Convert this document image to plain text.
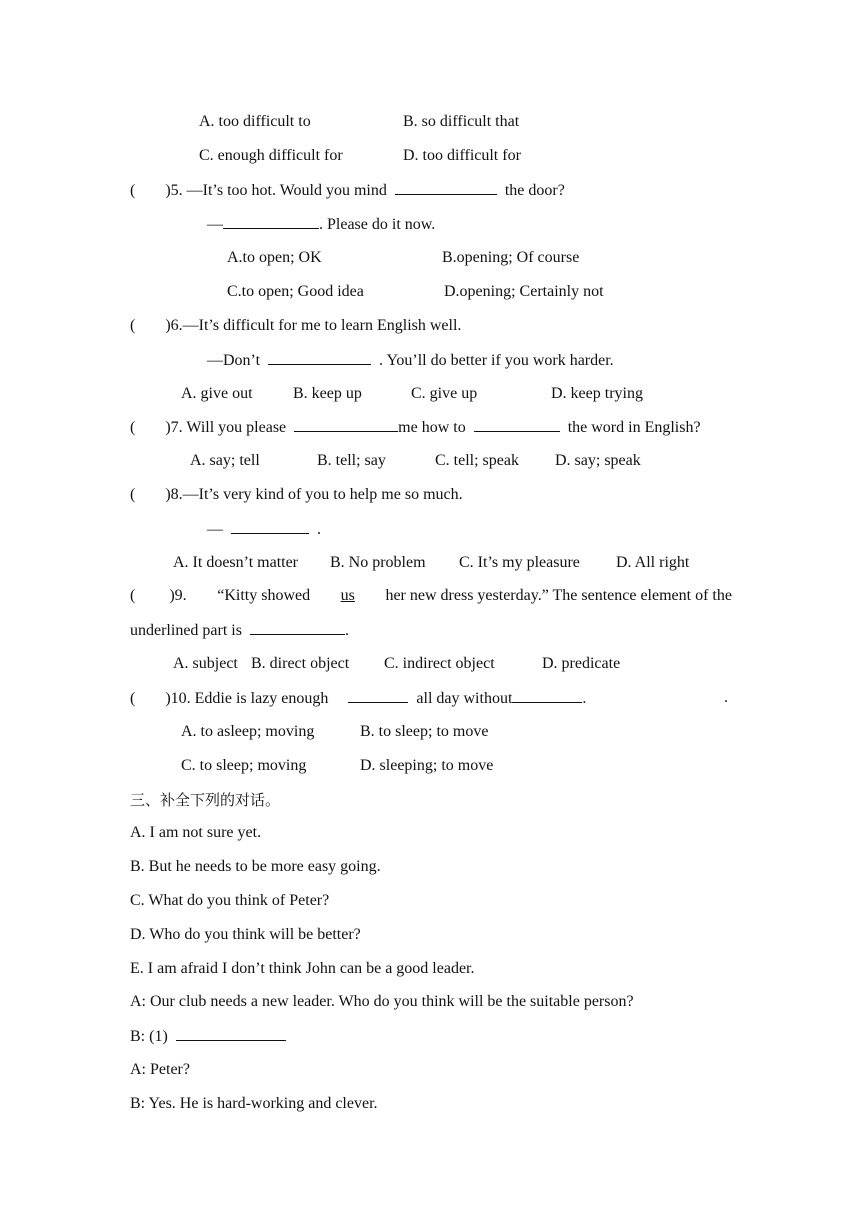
A. too difficult to	B. so difficult that
C. enough difficult for	D. too difficult for
( )5. —It’s too hot. Would you mind	the door?
—	. Please do it now.
A.to open; OK	B.opening; Of course
C.to open; Good idea	D.opening; Certainly not
( )6.—It’s difficult for me to learn English well.
—Don’t	. You’ll do better if you work harder.
A. give out	B. keep up	C. give up	D. keep trying
( )7. Will you please	me how to	the word in English?
A. say; tell	B. tell; say	C. tell; speak D. say; speak
( )8.—It’s very kind of you to help me so much.
—	.
A. It doesn’t matter B. No problem C. It’s my pleasure D. All right
( )9. “Kitty showed us her new dress yesterday.” The sentence element of the
underlined part is	.
A. subject B. direct object C. indirect object	D. predicate
( )10. Eddie is lazy enough	all day without	.	.
A. to asleep; moving	B. to sleep; to move
C. to sleep; moving	D. sleeping; to move
三、补全下列的对话。
A. I am not sure yet.
B. But he needs to be more easy going.
C. What do you think of Peter?
D. Who do you think will be better?
E. I am afraid I don’t think John can be a good leader.
A: Our club needs a new leader. Who do you think will be the suitable person?
B: (1)
A: Peter?
B: Yes. He is hard-working and clever.
